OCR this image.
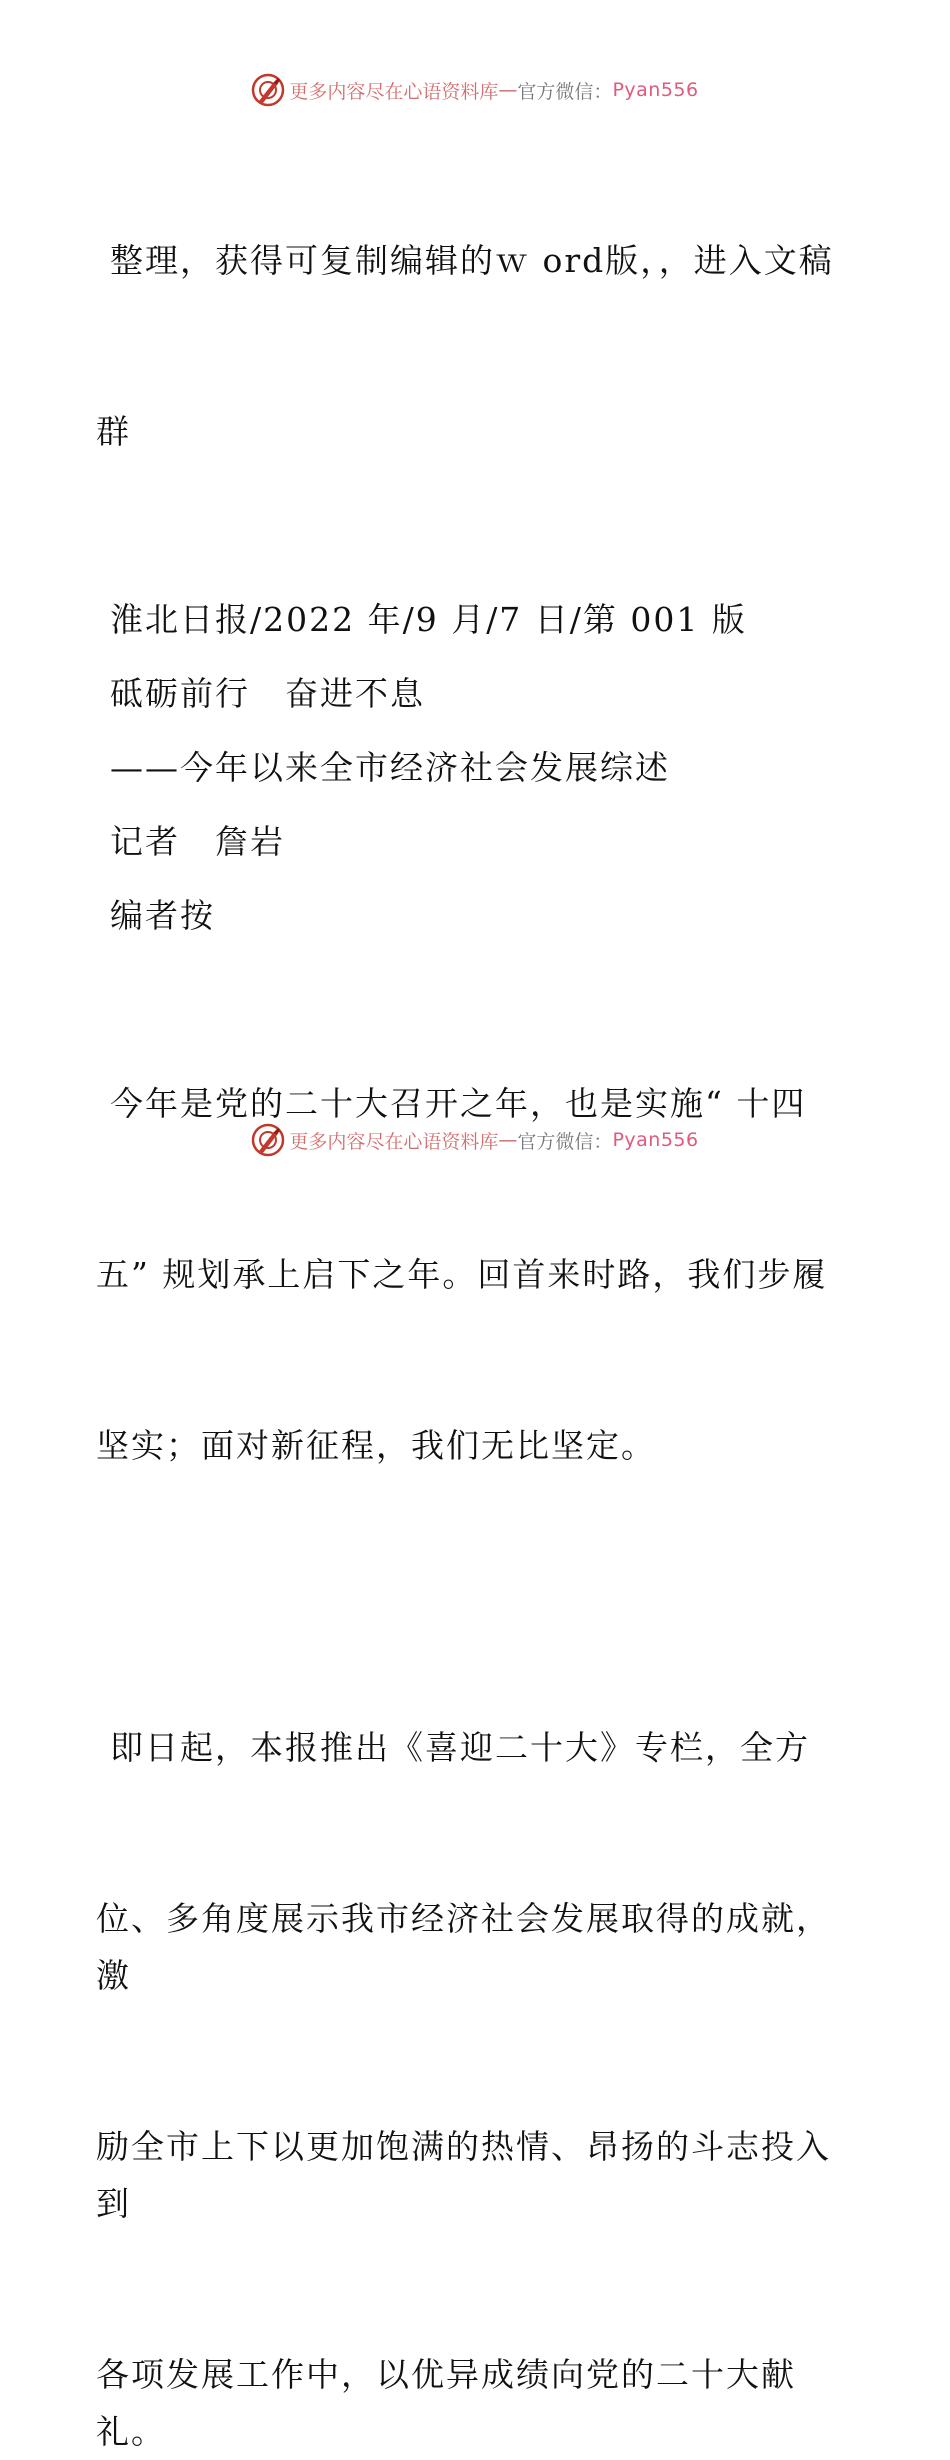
更多内容尽在心语资料库 — 官方微信： Pyan556

整理，获得可复制编辑的ｗ ord版，，进入文稿

群

淮北日报/2022 年/9 月/7 日/第 001 版

砥砺前行　奋进不息

——今年以来全市经济社会发展综述

记者　詹岩

编者按

今年是党的二十大召开之年，也是实施“ 十四

五” 规划承上启下之年。回首来时路，我们步履

坚实；面对新征程，我们无比坚定。

即日起，本报推出《喜迎二十大》专栏，全方

位、多角度展示我市经济社会发展取得的成就，激

励全市上下以更加饱满的热情、昂扬的斗志投入到

各项发展工作中，以优异成绩向党的二十大献礼。

更多内容尽在心语资料库 — 官方微信： Pyan556
